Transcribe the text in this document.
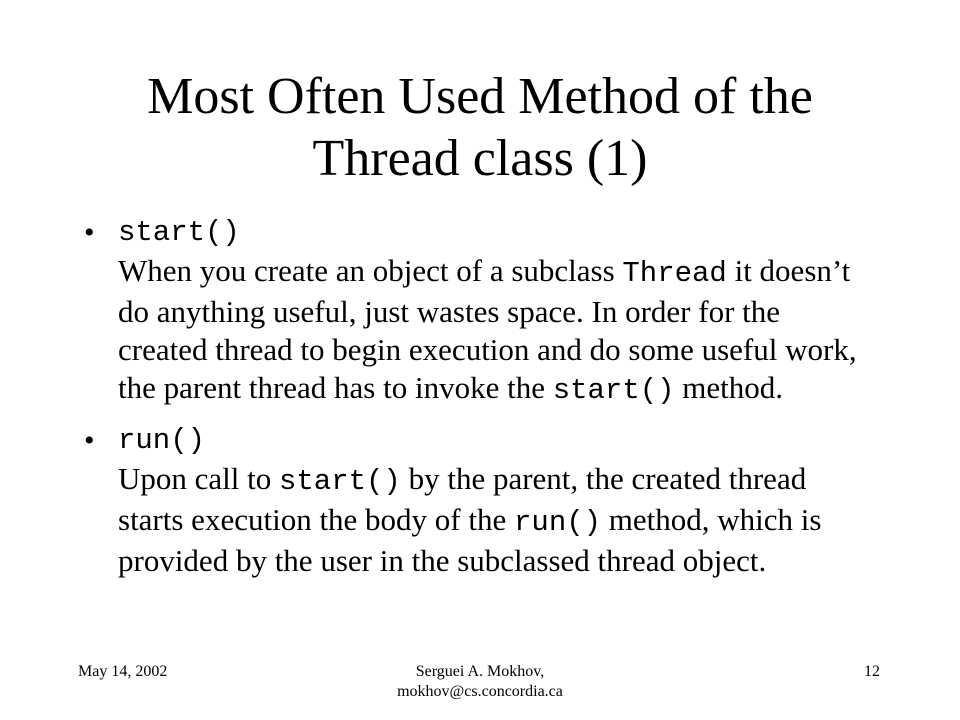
Most Often Used Method of the
Thread class (1)
• start()
When you create an object of a subclass Thread it doesn’t do anything useful, just wastes space. In order for the created thread to begin execution and do some useful work, the parent thread has to invoke the start() method.
• run()
Upon call to start() by the parent, the created thread starts execution the body of the run() method, which is provided by the user in the subclassed thread object.
May 14, 2002	Serguei A. Mokhov,
mokhov@cs.concordia.ca
12
